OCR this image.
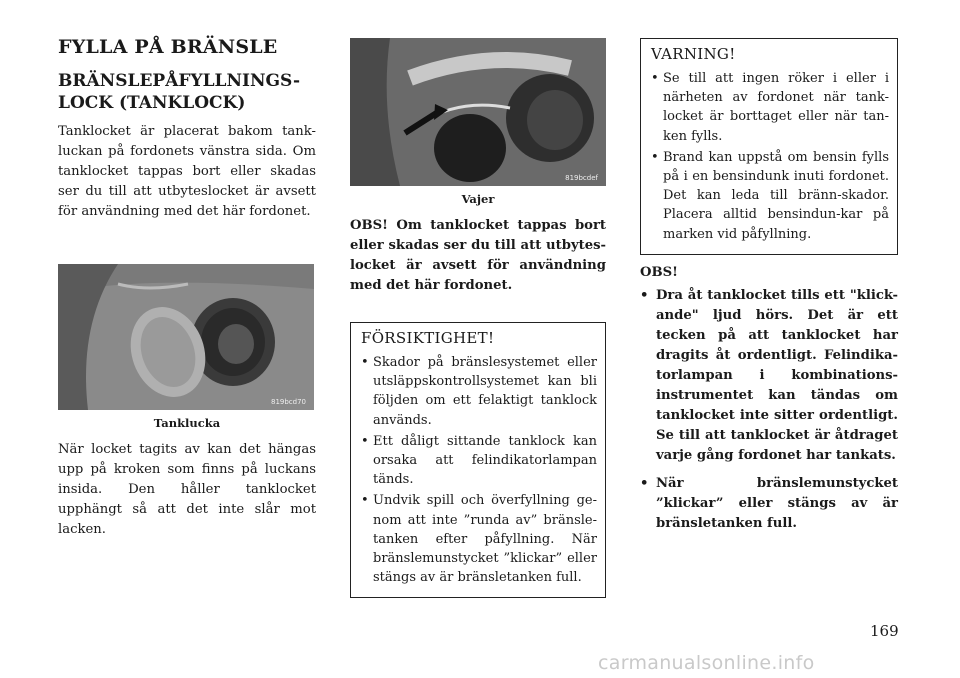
FYLLA PÅ BRÄNSLE
BRÄNSLEPÅFYLLNINGS-
LOCK (TANKLOCK)

Tanklocket är placerat bakom tank-luckan på fordonets vänstra sida. Om tanklocket tappas bort eller skadas ser du till att utbyteslocket är avsett för användning med det här fordonet.

819bcd70
Tanklucka

När locket tagits av kan det hängas upp på kroken som finns på luckans insida. Den håller tanklocket upphängt så att det inte slår mot lacken.

819bcdef
Vajer

OBS! Om tanklocket tappas bort eller skadas ser du till att utbytes-locket är avsett för användning med det här fordonet.

FÖRSIKTIGHET!
• Skador på bränslesystemet eller utsläppskontrollsystemet kan bli följden om ett felaktigt tanklock används.
• Ett dåligt sittande tanklock kan orsaka att felindikatorlampan tänds.
• Undvik spill och överfyllning ge-nom att inte ”runda av” bränsle-tanken efter påfyllning. När bränslemunstycket ”klickar” eller stängs av är bränsletanken full.
VARNING!
• Se till att ingen röker i eller i närheten av fordonet när tank-locket är borttaget eller när tan-ken fylls.
• Brand kan uppstå om bensin fylls på i en bensindunk inuti fordonet. Det kan leda till bränn-skador. Placera alltid bensindun-kar på marken vid påfyllning.
OBS!
• Dra åt tanklocket tills ett "klick-ande" ljud hörs. Det är ett tecken på att tanklocket har dragits åt ordentligt. Felindika-torlampan i kombinations-instrumentet kan tändas om tanklocket inte sitter ordentligt. Se till att tanklocket är åtdraget varje gång fordonet har tankats.
• När bränslemunstycket ”klickar” eller stängs av är bränsletanken full.
169
carmanualsonline.info
